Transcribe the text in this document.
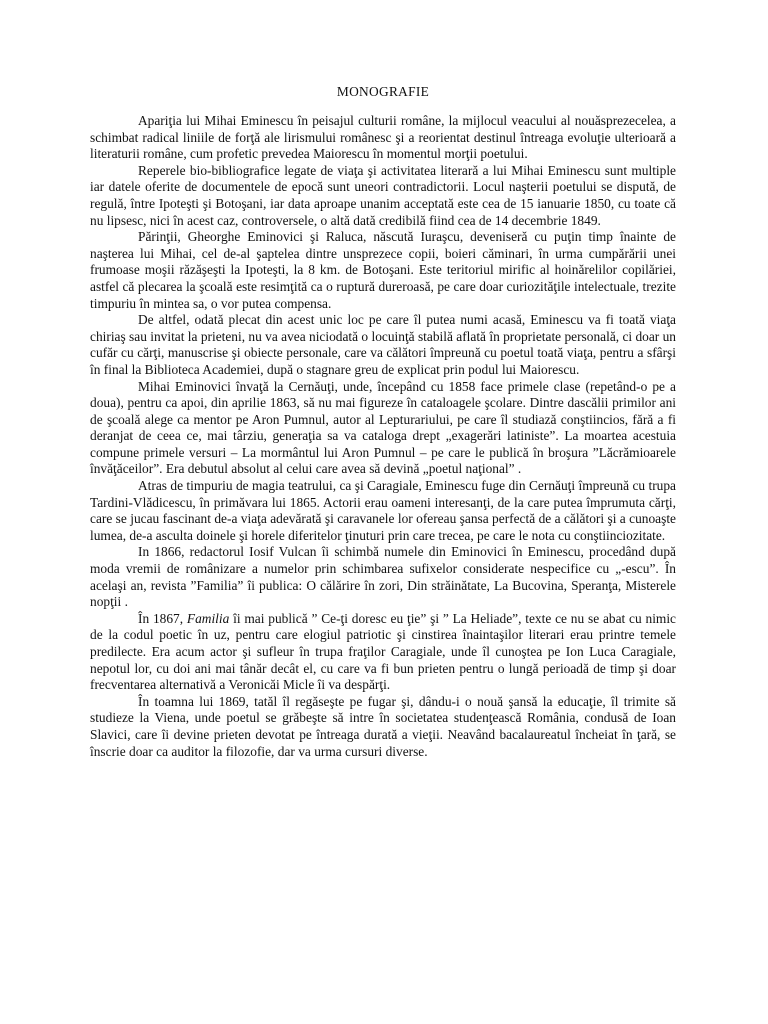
MONOGRAFIE

Apariţia lui Mihai Eminescu în peisajul culturii române, la mijlocul veacului al nouăsprezecelea, a schimbat radical liniile de forţă ale lirismului românesc şi a reorientat destinul întreaga evoluţie ulterioară a literaturii române, cum profetic prevedea Maiorescu în momentul morţii poetului.

Reperele bio-bibliografice legate de viaţa şi activitatea literară a lui Mihai Eminescu sunt multiple iar datele oferite de documentele de epocă sunt uneori contradictorii. Locul naşterii poetului se dispută, de regulă, între Ipoteşti şi Botoşani, iar data aproape unanim acceptată este cea de 15 ianuarie 1850, cu toate că nu lipsesc, nici în acest caz, controversele, o altă dată credibilă fiind cea de 14 decembrie 1849.

Părinţii, Gheorghe Eminovici şi Raluca, născută Iuraşcu, deveniseră cu puţin timp înainte de naşterea lui Mihai, cel de-al şaptelea dintre unsprezece copii, boieri căminari, în urma cumpărării unei frumoase moşii răzăşeşti la Ipoteşti, la 8 km. de Botoşani. Este teritoriul mirific al hoinărelilor copilăriei, astfel că plecarea la şcoală este resimţită ca o ruptură dureroasă, pe care doar curiozităţile intelectuale, trezite timpuriu în mintea sa, o vor putea compensa.

De altfel, odată plecat din acest unic loc pe care îl putea numi acasă, Eminescu va fi toată viaţa chiriaş sau invitat la prieteni, nu va avea niciodată o locuinţă stabilă aflată în proprietate personală, ci doar un cufăr cu cărţi, manuscrise şi obiecte personale, care va călători împreună cu poetul toată viaţa, pentru a sfârşi în final la Biblioteca Academiei, după o stagnare greu de explicat prin podul lui Maiorescu.

Mihai Eminovici învaţă la Cernăuţi, unde, începând cu 1858 face primele clase (repetând-o pe a doua), pentru ca apoi, din aprilie 1863, să nu mai figureze în cataloagele şcolare. Dintre dascălii primilor ani de şcoală alege ca mentor pe Aron Pumnul, autor al Lepturariului, pe care îl studiază conştiincios, fără a fi deranjat de ceea ce, mai târziu, generaţia sa va cataloga drept „exagerări latiniste”. La moartea acestuia compune primele versuri – La mormântul lui Aron Pumnul – pe care le publică în broşura ”Lăcrămioarele învăţăceilor”. Era debutul absolut al celui care avea să devină „poetul naţional” .

Atras de timpuriu de magia teatrului, ca şi Caragiale, Eminescu fuge din Cernăuţi împreună cu trupa Tardini-Vlădicescu, în primăvara lui 1865. Actorii erau oameni interesanţi, de la care putea împrumuta cărţi, care se jucau fascinant de-a viaţa adevărată şi caravanele lor ofereau şansa perfectă de a călători şi a cunoaşte lumea, de-a asculta doinele şi horele diferitelor ţinuturi prin care trecea, pe care le nota cu conştiinciozitate.

In 1866, redactorul Iosif Vulcan îi schimbă numele din Eminovici în Eminescu, procedând după moda vremii de românizare a numelor prin schimbarea sufixelor considerate nespecifice cu „-escu”. În acelaşi an, revista ”Familia” îi publica: O călărire în zori, Din străinătate, La Bucovina, Speranţa, Misterele nopţii .

În 1867, Familia îi mai publică ” Ce-ţi doresc eu ţie” şi ” La Heliade”, texte ce nu se abat cu nimic de la codul poetic în uz, pentru care elogiul patriotic şi cinstirea înaintaşilor literari erau printre temele predilecte. Era acum actor şi sufleur în trupa fraţilor Caragiale, unde îl cunoştea pe Ion Luca Caragiale, nepotul lor, cu doi ani mai tânăr decât el, cu care va fi bun prieten pentru o lungă perioadă de timp şi doar frecventarea alternativă a Veronicăi Micle îi va despărţi.

În toamna lui 1869, tatăl îl regăseşte pe fugar şi, dându-i o nouă şansă la educaţie, îl trimite să studieze la Viena, unde poetul se grăbeşte să intre în societatea studenţească România, condusă de Ioan Slavici, care îi devine prieten devotat pe întreaga durată a vieţii. Neavând bacalaureatul încheiat în ţară, se înscrie doar ca auditor la filozofie, dar va urma cursuri diverse.
